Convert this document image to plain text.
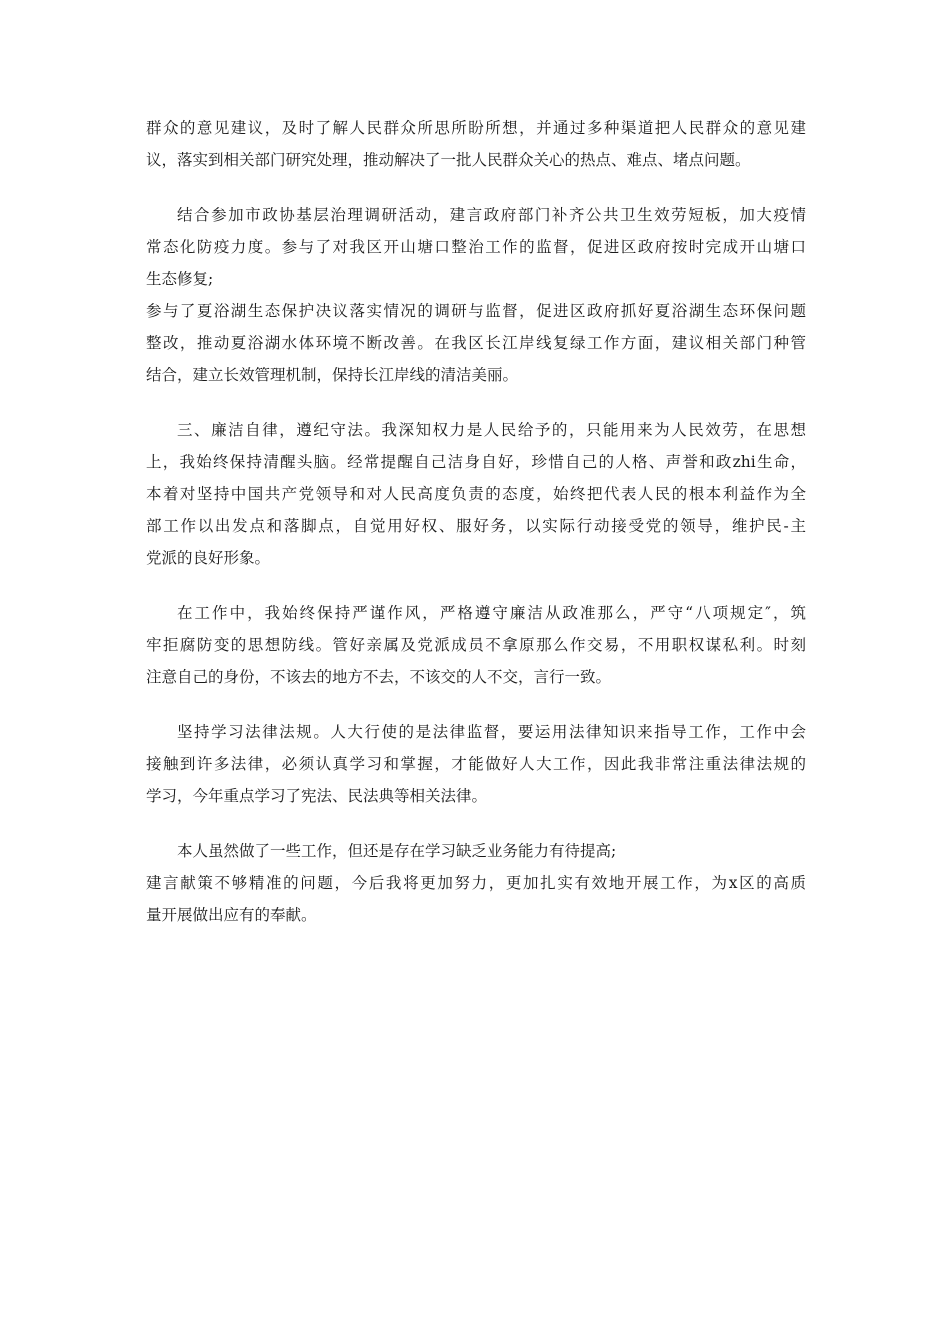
群众的意见建议，及时了解人民群众所思所盼所想，并通过多种渠道把人民群众的意见建
议，落实到相关部门研究处理，推动解决了一批人民群众关心的热点、难点、堵点问题。

结合参加市政协基层治理调研活动，建言政府部门补齐公共卫生效劳短板，加大疫情
常态化防疫力度。参与了对我区开山塘口整治工作的监督，促进区政府按时完成开山塘口
生态修复;
参与了夏浴湖生态保护决议落实情况的调研与监督，促进区政府抓好夏浴湖生态环保问题
整改，推动夏浴湖水体环境不断改善。在我区长江岸线复绿工作方面，建议相关部门种管
结合，建立长效管理机制，保持长江岸线的清洁美丽。

三、廉洁自律，遵纪守法。我深知权力是人民给予的，只能用来为人民效劳，在思想
上，我始终保持清醒头脑。经常提醒自己洁身自好，珍惜自己的人格、声誉和政zhi生命，
本着对坚持中国共产党领导和对人民高度负责的态度，始终把代表人民的根本利益作为全
部工作以出发点和落脚点，自觉用好权、服好务，以实际行动接受党的领导，维护民-主
党派的良好形象。

在工作中，我始终保持严谨作风，严格遵守廉洁从政准那么，严守“八项规定″，筑
牢拒腐防变的思想防线。管好亲属及党派成员不拿原那么作交易，不用职权谋私利。时刻
注意自己的身份，不该去的地方不去，不该交的人不交，言行一致。

坚持学习法律法规。人大行使的是法律监督，要运用法律知识来指导工作，工作中会
接触到许多法律，必须认真学习和掌握，才能做好人大工作，因此我非常注重法律法规的
学习，今年重点学习了宪法、民法典等相关法律。

本人虽然做了一些工作，但还是存在学习缺乏业务能力有待提高;
建言献策不够精准的问题，今后我将更加努力，更加扎实有效地开展工作，为x区的高质
量开展做出应有的奉献。
